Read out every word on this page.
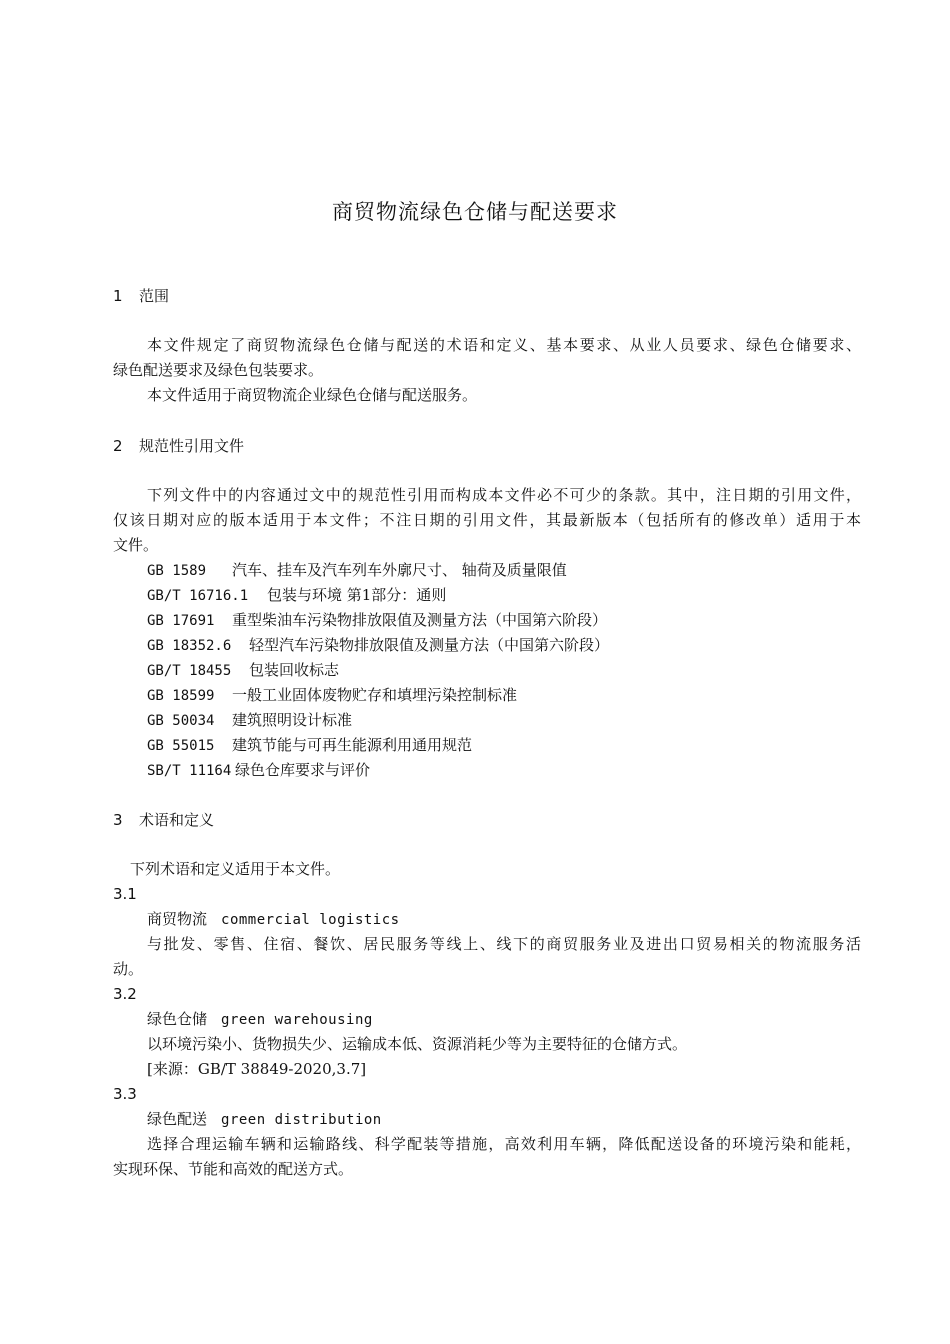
商贸物流绿色仓储与配送要求
1 范围
本文件规定了商贸物流绿色仓储与配送的术语和定义、基本要求、从业人员要求、绿色仓储要求、
绿色配送要求及绿色包装要求。
本文件适用于商贸物流企业绿色仓储与配送服务。
2 规范性引用文件
下列文件中的内容通过文中的规范性引用而构成本文件必不可少的条款。其中，注日期的引用文件，
仅该日期对应的版本适用于本文件；不注日期的引用文件，其最新版本（包括所有的修改单）适用于本
文件。
GB 1589 汽车、挂车及汽车列车外廓尺寸、 轴荷及质量限值
GB/T 16716.1 包装与环境 第1部分：通则
GB 17691 重型柴油车污染物排放限值及测量方法（中国第六阶段）
GB 18352.6 轻型汽车污染物排放限值及测量方法（中国第六阶段）
GB/T 18455 包装回收标志
GB 18599 一般工业固体废物贮存和填埋污染控制标准
GB 50034 建筑照明设计标准
GB 55015 建筑节能与可再生能源利用通用规范
SB/T 11164 绿色仓库要求与评价
3 术语和定义
下列术语和定义适用于本文件。
3.1
商贸物流 commercial logistics
与批发、零售、住宿、餐饮、居民服务等线上、线下的商贸服务业及进出口贸易相关的物流服务活
动。
3.2
绿色仓储 green warehousing
以环境污染小、货物损失少、运输成本低、资源消耗少等为主要特征的仓储方式。
[来源：GB/T 38849-2020,3.7]
3.3
绿色配送 green distribution
选择合理运输车辆和运输路线、科学配装等措施，高效利用车辆，降低配送设备的环境污染和能耗，
实现环保、节能和高效的配送方式。
